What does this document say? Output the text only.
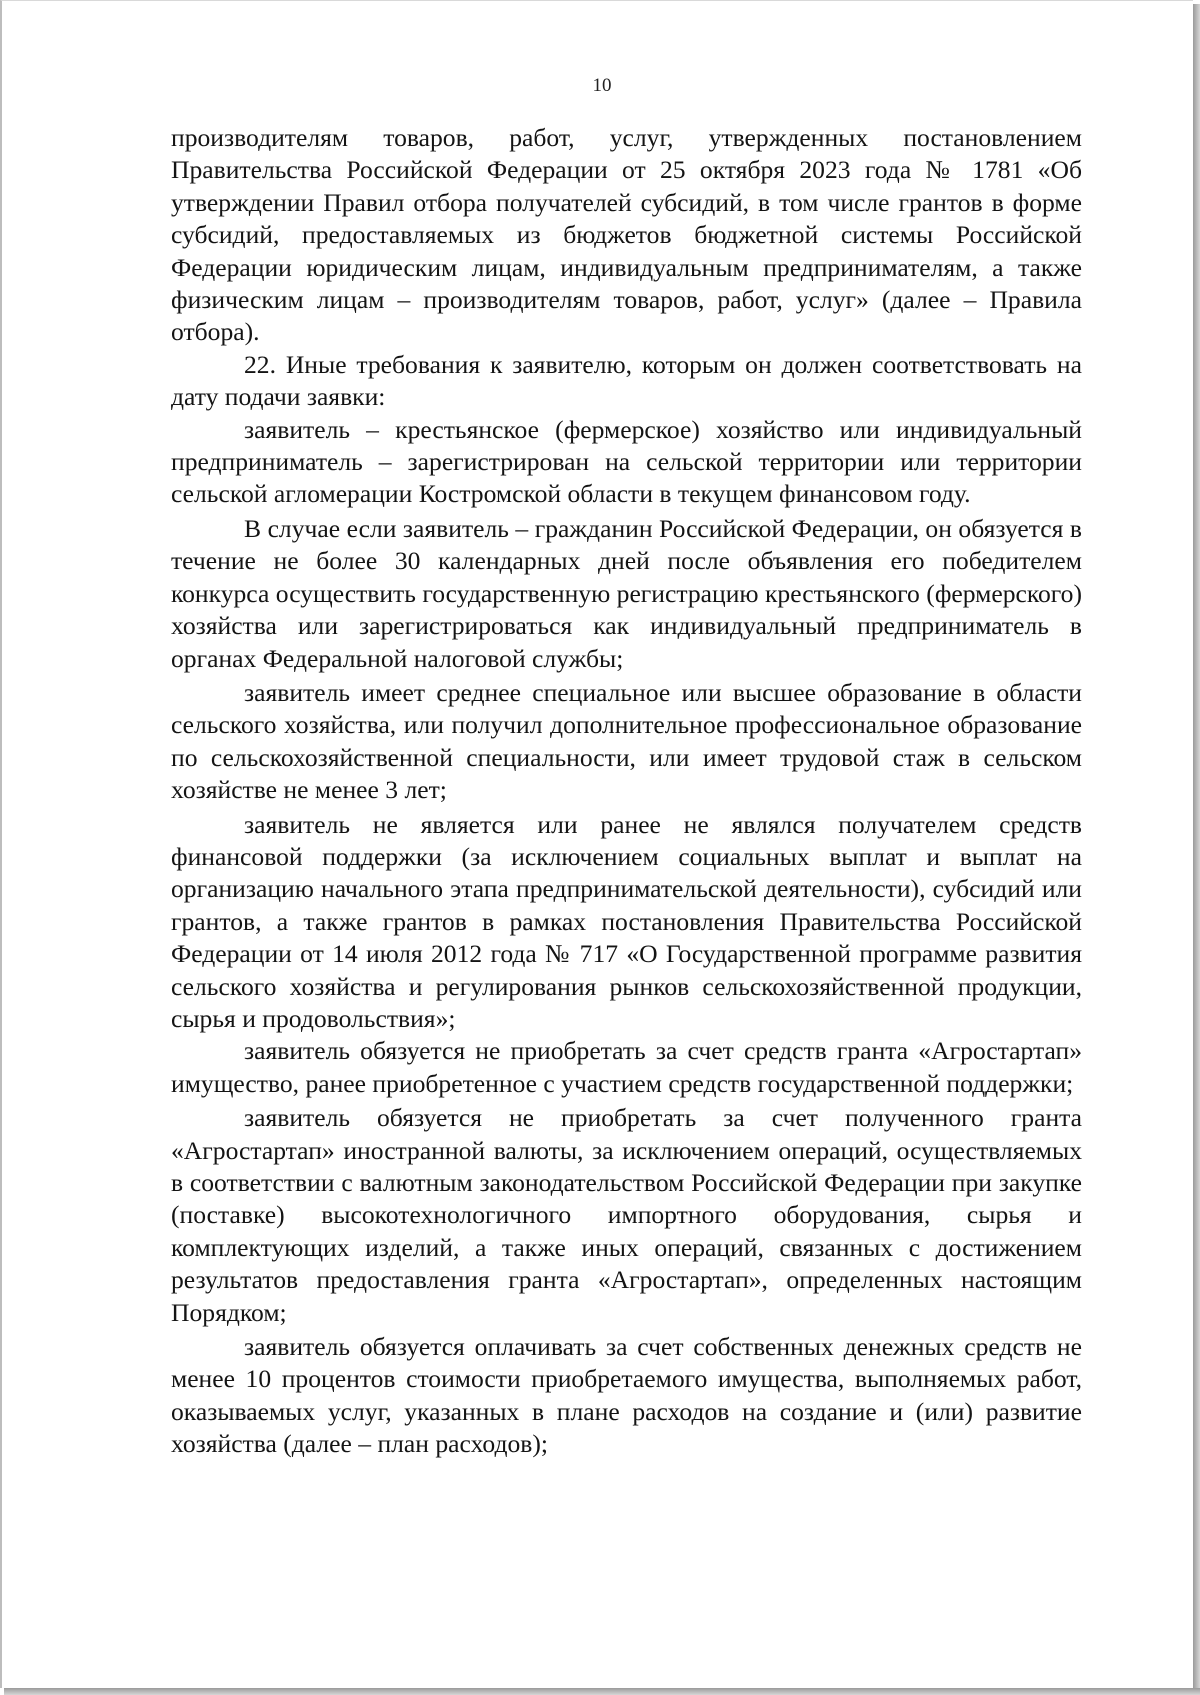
10

производителям товаров, работ, услуг, утвержденных постановлением Правительства Российской Федерации от 25 октября 2023 года № 1781 «Об утверждении Правил отбора получателей субсидий, в том числе грантов в форме субсидий, предоставляемых из бюджетов бюджетной системы Российской Федерации юридическим лицам, индивидуальным предпринимателям, а также физическим лицам – производителям товаров, работ, услуг» (далее – Правила отбора).

22. Иные требования к заявителю, которым он должен соответствовать на дату подачи заявки:

заявитель – крестьянское (фермерское) хозяйство или индивидуальный предприниматель – зарегистрирован на сельской территории или территории сельской агломерации Костромской области в текущем финансовом году.

В случае если заявитель – гражданин Российской Федерации, он обязуется в течение не более 30 календарных дней после объявления его победителем конкурса осуществить государственную регистрацию крестьянского (фермерского) хозяйства или зарегистрироваться как индивидуальный предприниматель в органах Федеральной налоговой службы;

заявитель имеет среднее специальное или высшее образование в области сельского хозяйства, или получил дополнительное профессиональное образование по сельскохозяйственной специальности, или имеет трудовой стаж в сельском хозяйстве не менее 3 лет;

заявитель не является или ранее не являлся получателем средств финансовой поддержки (за исключением социальных выплат и выплат на организацию начального этапа предпринимательской деятельности), субсидий или грантов, а также грантов в рамках постановления Правительства Российской Федерации от 14 июля 2012 года № 717 «О Государственной программе развития сельского хозяйства и регулирования рынков сельскохозяйственной продукции, сырья и продовольствия»;

заявитель обязуется не приобретать за счет средств гранта «Агростартап» имущество, ранее приобретенное с участием средств государственной поддержки;

заявитель обязуется не приобретать за счет полученного гранта «Агростартап» иностранной валюты, за исключением операций, осуществляемых в соответствии с валютным законодательством Российской Федерации при закупке (поставке) высокотехнологичного импортного оборудования, сырья и комплектующих изделий, а также иных операций, связанных с достижением результатов предоставления гранта «Агростартап», определенных настоящим Порядком;

заявитель обязуется оплачивать за счет собственных денежных средств не менее 10 процентов стоимости приобретаемого имущества, выполняемых работ, оказываемых услуг, указанных в плане расходов на создание и (или) развитие хозяйства (далее – план расходов);
